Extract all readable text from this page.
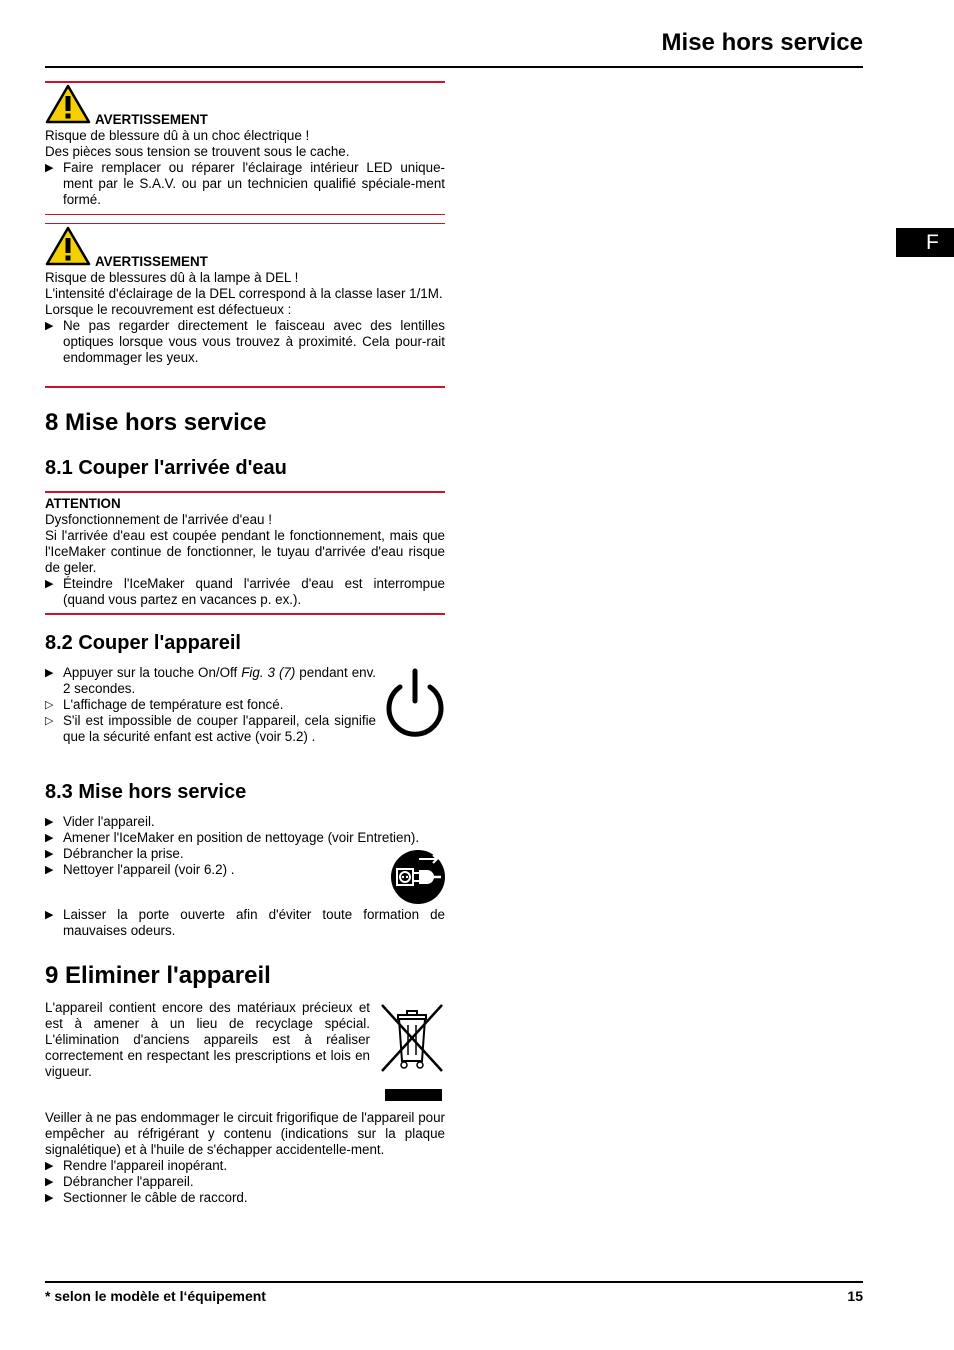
Mise hors service
F
AVERTISSEMENT

Risque de blessure dû à un choc électrique !

Des pièces sous tension se trouvent sous le cache.

▶ Faire remplacer ou réparer l'éclairage intérieur LED unique-ment par le S.A.V. ou par un technicien qualifié spéciale-ment formé.
AVERTISSEMENT

Risque de blessures dû à la lampe à DEL !

L'intensité d'éclairage de la DEL correspond à la classe laser 1/1M.

Lorsque le recouvrement est défectueux :

▶ Ne pas regarder directement le faisceau avec des lentilles optiques lorsque vous vous trouvez à proximité. Cela pour-rait endommager les yeux.
8 Mise hors service
8.1 Couper l'arrivée d'eau

ATTENTION

Dysfonctionnement de l'arrivée d'eau !

Si l'arrivée d'eau est coupée pendant le fonctionnement, mais que l'IceMaker continue de fonctionner, le tuyau d'arrivée d'eau risque de geler.

▶ Éteindre l'IceMaker quand l'arrivée d'eau est interrompue (quand vous partez en vacances p. ex.).
8.2 Couper l'appareil
▶ Appuyer sur la touche On/Off Fig. 3 (7) pendant env. 2 secondes.
▷ L'affichage de température est foncé.
▷ S'il est impossible de couper l'appareil, cela signifie que la sécurité enfant est active (voir 5.2) .
8.3 Mise hors service
▶ Vider l'appareil.
▶ Amener l'IceMaker en position de nettoyage (voir Entretien).
▶ Débrancher la prise.
▶ Nettoyer l'appareil (voir 6.2) .
▶ Laisser la porte ouverte afin d'éviter toute formation de mauvaises odeurs.
9 Eliminer l'appareil

L'appareil contient encore des matériaux précieux et est à amener à un lieu de recyclage spécial. L'élimination d'anciens appareils est à réaliser correctement en respectant les prescriptions et lois en vigueur.

Veiller à ne pas endommager le circuit frigorifique de l'appareil pour empêcher au réfrigérant y contenu (indications sur la plaque signalétique) et à l'huile de s'échapper accidentelle-ment.

▶ Rendre l'appareil inopérant.
▶ Débrancher l'appareil.
▶ Sectionner le câble de raccord.
* selon le modèle et l‘équipement	15
